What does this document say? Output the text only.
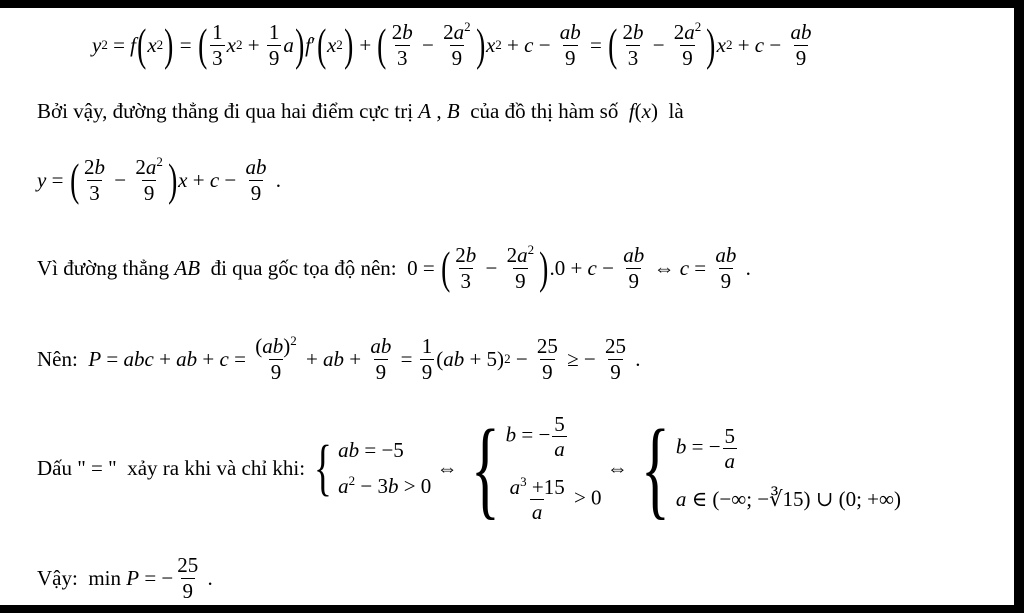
y 2 = f ( x 2 ) = ( $\frac{1}{3}$ x $2 + \frac{1}{9}$ a ) f ′ ( x 2 ) + ( $\frac{2b}{3} - \frac{2a^2}{9}$ ) x $2 + c - \frac{ab}{9}$ = ( $\frac{2b}{3} - \frac{2a^2}{9}$ ) x $2 + c - \frac{ab}{9}$
Bởi vậy, đường thẳng đi qua hai điểm cực trị A , B của đồ thị hàm số f ( x )  là
y = ( $\frac{2b}{3} - \frac{2a^2}{9}$ ) $x + c - \frac{ab}{9}$ .
Vì đường thẳng AB đi qua gốc tọa độ nên:  0 = ( $\frac{2b}{3} - \frac{2a^2}{9}$ ) $.0 + c - \frac{ab}{9}$ ⇔ $c = \frac{ab}{9}$ .
Nên: P = abc + ab + $c = \frac{(ab)^2}{9}$ + ab + $\frac{ab}{9} = \frac{1}{9}$ ( ab + 5) $2 - \frac{25}{9}$ ≥ − $\frac{25}{9}$ .
Dấu " = "  xảy ra khi và chỉ khi: { ab = −5
$a^2 - 3b > 0$
⇔ { b = − $\frac{5}{a}$
$\frac{a^3 +15}{a} > 0$
⇔ { b = − $\frac{5}{a}$
a ∈ (−∞; −∛15) ∪ (0; +∞)
Vậy:  min P = − $\frac{25}{9}$ .
